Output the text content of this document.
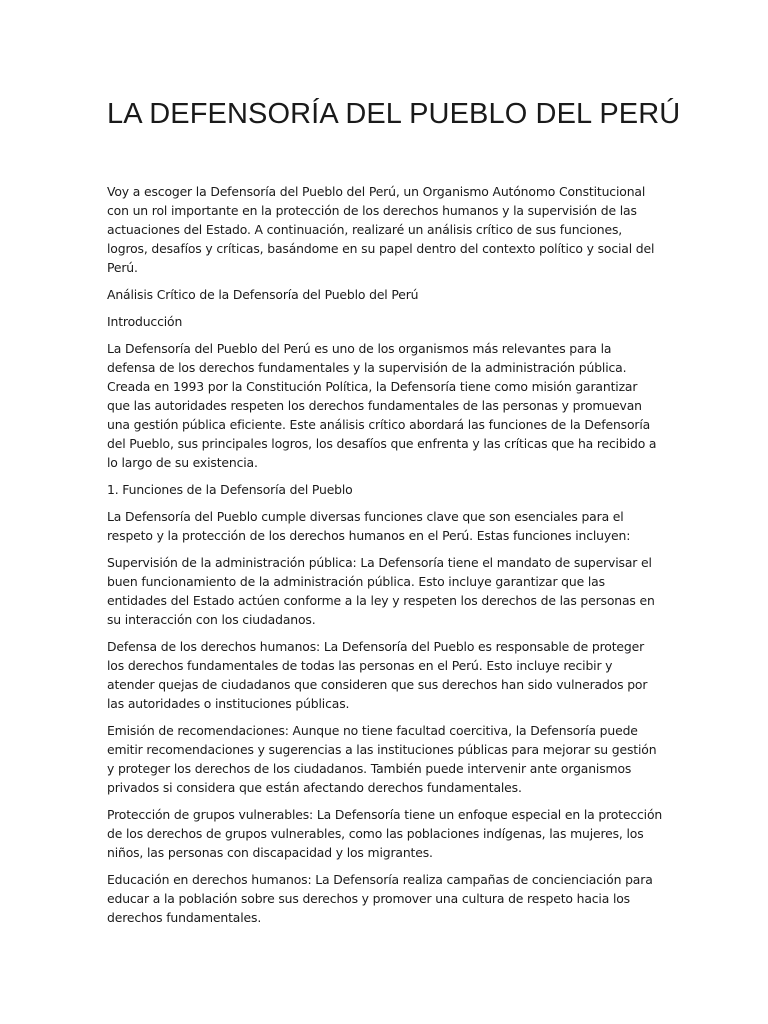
LA DEFENSORÍA DEL PUEBLO DEL PERÚ

Voy a escoger la Defensoría del Pueblo del Perú, un Organismo Autónomo Constitucional con un rol importante en la protección de los derechos humanos y la supervisión de las actuaciones del Estado. A continuación, realizaré un análisis crítico de sus funciones, logros, desafíos y críticas, basándome en su papel dentro del contexto político y social del Perú.

Análisis Crítico de la Defensoría del Pueblo del Perú

Introducción

La Defensoría del Pueblo del Perú es uno de los organismos más relevantes para la defensa de los derechos fundamentales y la supervisión de la administración pública. Creada en 1993 por la Constitución Política, la Defensoría tiene como misión garantizar que las autoridades respeten los derechos fundamentales de las personas y promuevan una gestión pública eficiente. Este análisis crítico abordará las funciones de la Defensoría del Pueblo, sus principales logros, los desafíos que enfrenta y las críticas que ha recibido a lo largo de su existencia.

1. Funciones de la Defensoría del Pueblo

La Defensoría del Pueblo cumple diversas funciones clave que son esenciales para el respeto y la protección de los derechos humanos en el Perú. Estas funciones incluyen:

Supervisión de la administración pública: La Defensoría tiene el mandato de supervisar el buen funcionamiento de la administración pública. Esto incluye garantizar que las entidades del Estado actúen conforme a la ley y respeten los derechos de las personas en su interacción con los ciudadanos.

Defensa de los derechos humanos: La Defensoría del Pueblo es responsable de proteger los derechos fundamentales de todas las personas en el Perú. Esto incluye recibir y atender quejas de ciudadanos que consideren que sus derechos han sido vulnerados por las autoridades o instituciones públicas.

Emisión de recomendaciones: Aunque no tiene facultad coercitiva, la Defensoría puede emitir recomendaciones y sugerencias a las instituciones públicas para mejorar su gestión y proteger los derechos de los ciudadanos. También puede intervenir ante organismos privados si considera que están afectando derechos fundamentales.

Protección de grupos vulnerables: La Defensoría tiene un enfoque especial en la protección de los derechos de grupos vulnerables, como las poblaciones indígenas, las mujeres, los niños, las personas con discapacidad y los migrantes.

Educación en derechos humanos: La Defensoría realiza campañas de concienciación para educar a la población sobre sus derechos y promover una cultura de respeto hacia los derechos fundamentales.
